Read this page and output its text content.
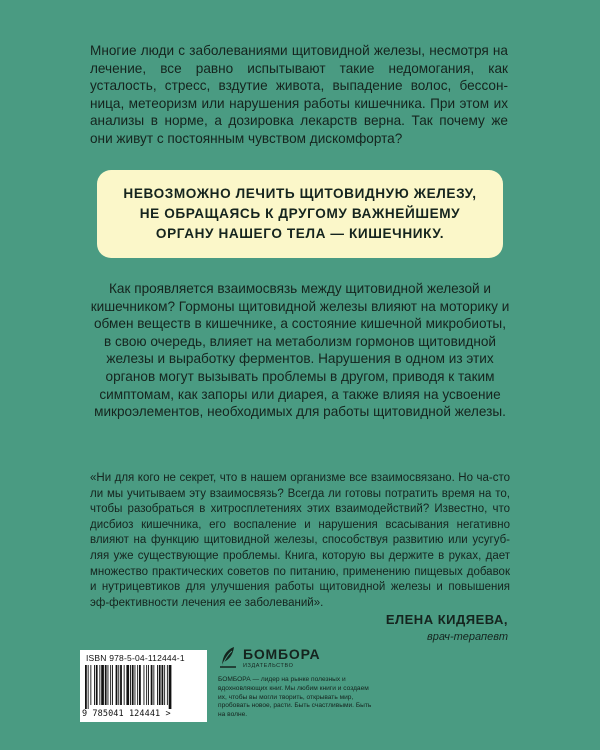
Многие люди с заболеваниями щитовидной железы, несмотря на лечение, все равно испытывают такие недомогания, как усталость, стресс, вздутие живота, выпадение волос, бессон-ница, метеоризм или нарушения работы кишечника. При этом их анализы в норме, а дозировка лекарств верна. Так почему же они живут с постоянным чувством дискомфорта?
НЕВОЗМОЖНО ЛЕЧИТЬ ЩИТОВИДНУЮ ЖЕЛЕЗУ,
НЕ ОБРАЩАЯСЬ К ДРУГОМУ ВАЖНЕЙШЕМУ
ОРГАНУ НАШЕГО ТЕЛА — КИШЕЧНИКУ.
Как проявляется взаимосвязь между щитовидной железой и кишечником? Гормоны щитовидной железы влияют на моторику и обмен веществ в кишечнике, а состояние кишечной микробиоты, в свою очередь, влияет на метаболизм гормонов щитовидной железы и выработку ферментов. Нарушения в одном из этих органов могут вызывать проблемы в другом, приводя к таким симптомам, как запоры или диарея, а также влияя на усвоение микроэлементов, необходимых для работы щитовидной железы.
«Ни для кого не секрет, что в нашем организме все взаимосвязано. Но ча-сто ли мы учитываем эту взаимосвязь? Всегда ли готовы потратить время на то, чтобы разобраться в хитросплетениях этих взаимодействий? Известно, что дисбиоз кишечника, его воспаление и нарушения всасывания негативно влияют на функцию щитовидной железы, способствуя развитию или усугуб-ляя уже существующие проблемы. Книга, которую вы держите в руках, дает множество практических советов по питанию, применению пищевых добавок и нутрицевтиков для улучшения работы щитовидной железы и повышения эф-фективности лечения ее заболеваний».
ЕЛЕНА КИДЯЕВА,
врач-терапевт
ISBN 978-5-04-112444-1
9 785041 124441 >
БОМБОРА
ИЗДАТЕЛЬСТВО
БОМБОРА — лидер на рынке полезных и вдохновляющих книг. Мы любим книги и создаем их, чтобы вы могли творить, открывать мир, пробовать новое, расти. Быть счастливыми. Быть на волне.
